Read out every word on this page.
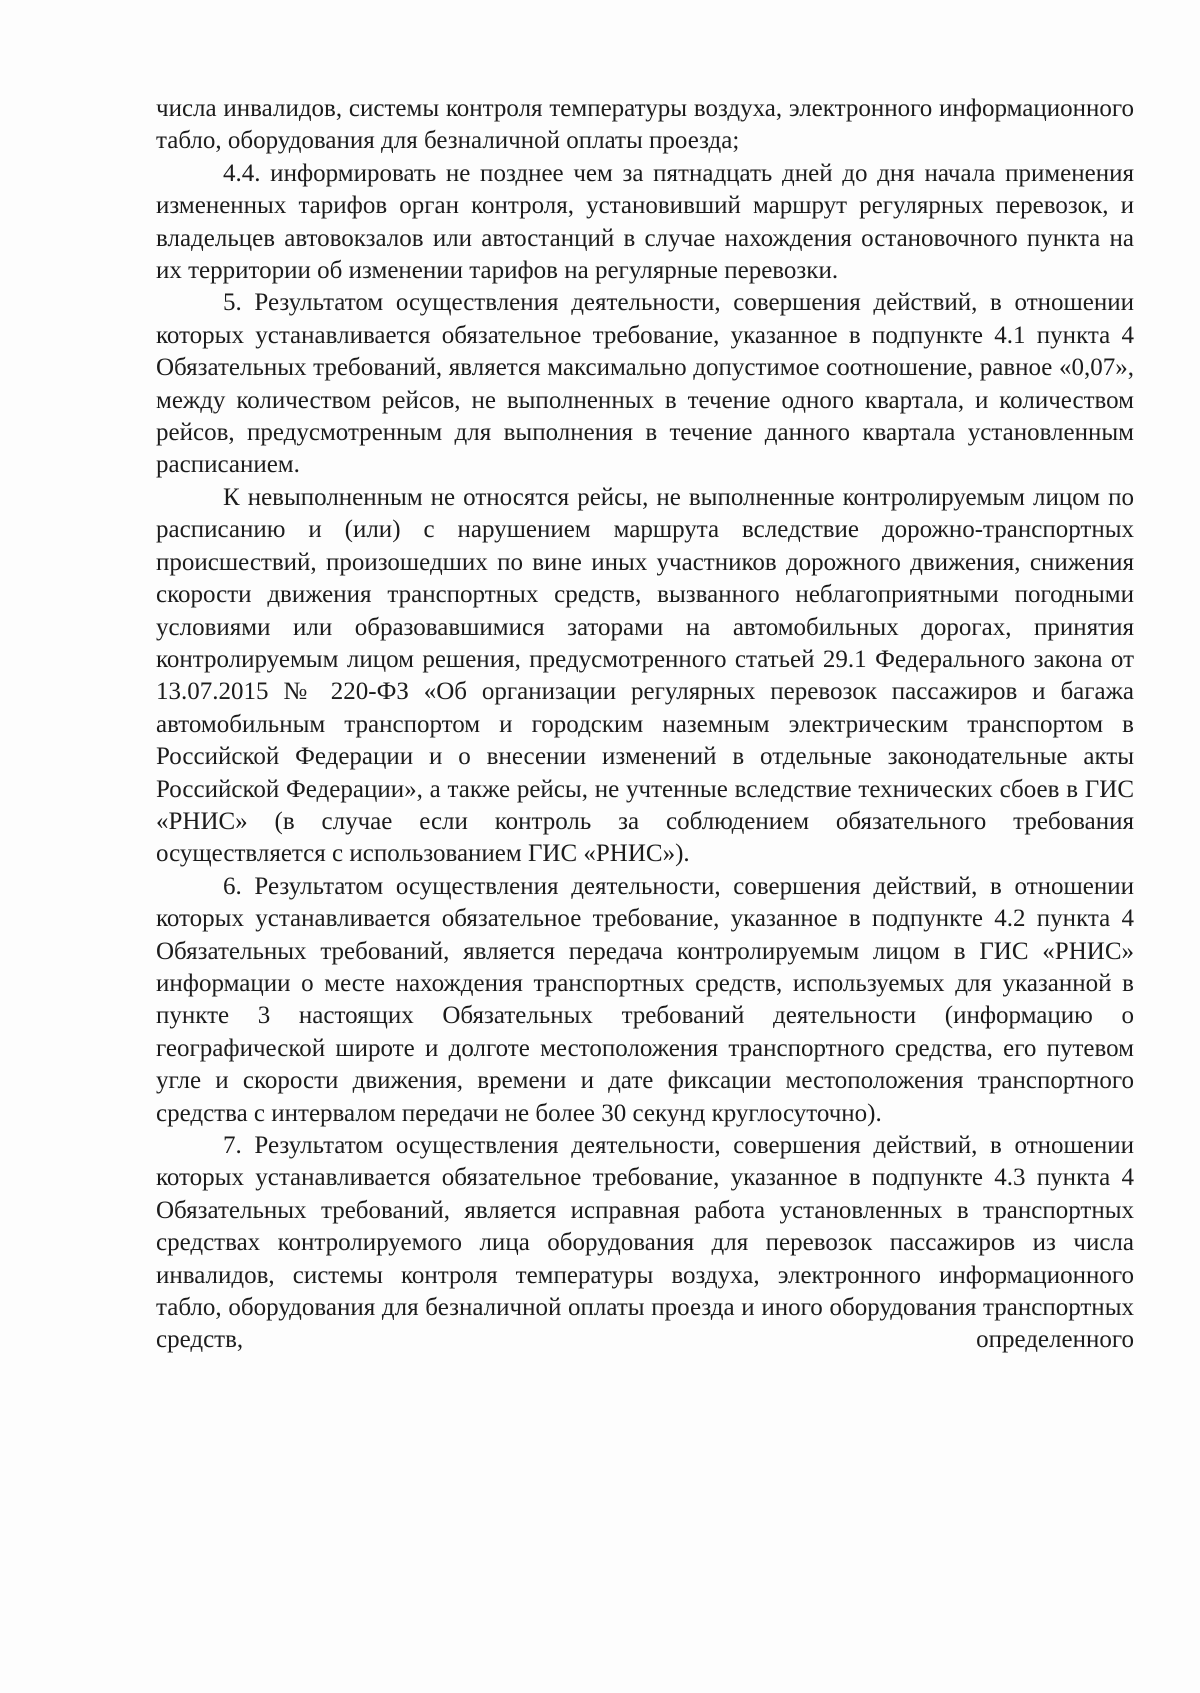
числа инвалидов, системы контроля температуры воздуха, электронного информационного табло, оборудования для безналичной оплаты проезда;

4.4. информировать не позднее чем за пятнадцать дней до дня начала применения измененных тарифов орган контроля, установивший маршрут регулярных перевозок, и владельцев автовокзалов или автостанций в случае нахождения остановочного пункта на их территории об изменении тарифов на регулярные перевозки.

5. Результатом осуществления деятельности, совершения действий, в отношении которых устанавливается обязательное требование, указанное в подпункте 4.1 пункта 4 Обязательных требований, является максимально допустимое соотношение, равное «0,07», между количеством рейсов, не выполненных в течение одного квартала, и количеством рейсов, предусмотренным для выполнения в течение данного квартала установленным расписанием.

К невыполненным не относятся рейсы, не выполненные контролируемым лицом по расписанию и (или) с нарушением маршрута вследствие дорожно-транспортных происшествий, произошедших по вине иных участников дорожного движения, снижения скорости движения транспортных средств, вызванного неблагоприятными погодными условиями или образовавшимися заторами на автомобильных дорогах, принятия контролируемым лицом решения, предусмотренного статьей 29.1 Федерального закона от 13.07.2015 № 220-ФЗ «Об организации регулярных перевозок пассажиров и багажа автомобильным транспортом и городским наземным электрическим транспортом в Российской Федерации и о внесении изменений в отдельные законодательные акты Российской Федерации», а также рейсы, не учтенные вследствие технических сбоев в ГИС «РНИС» (в случае если контроль за соблюдением обязательного требования осуществляется с использованием ГИС «РНИС»).

6. Результатом осуществления деятельности, совершения действий, в отношении которых устанавливается обязательное требование, указанное в подпункте 4.2 пункта 4 Обязательных требований, является передача контролируемым лицом в ГИС «РНИС» информации о месте нахождения транспортных средств, используемых для указанной в пункте 3 настоящих Обязательных требований деятельности (информацию о географической широте и долготе местоположения транспортного средства, его путевом угле и скорости движения, времени и дате фиксации местоположения транспортного средства с интервалом передачи не более 30 секунд круглосуточно).

7. Результатом осуществления деятельности, совершения действий, в отношении которых устанавливается обязательное требование, указанное в подпункте 4.3 пункта 4 Обязательных требований, является исправная работа установленных в транспортных средствах контролируемого лица оборудования для перевозок пассажиров из числа инвалидов, системы контроля температуры воздуха, электронного информационного табло, оборудования для безналичной оплаты проезда и иного оборудования транспортных средств, определенного
